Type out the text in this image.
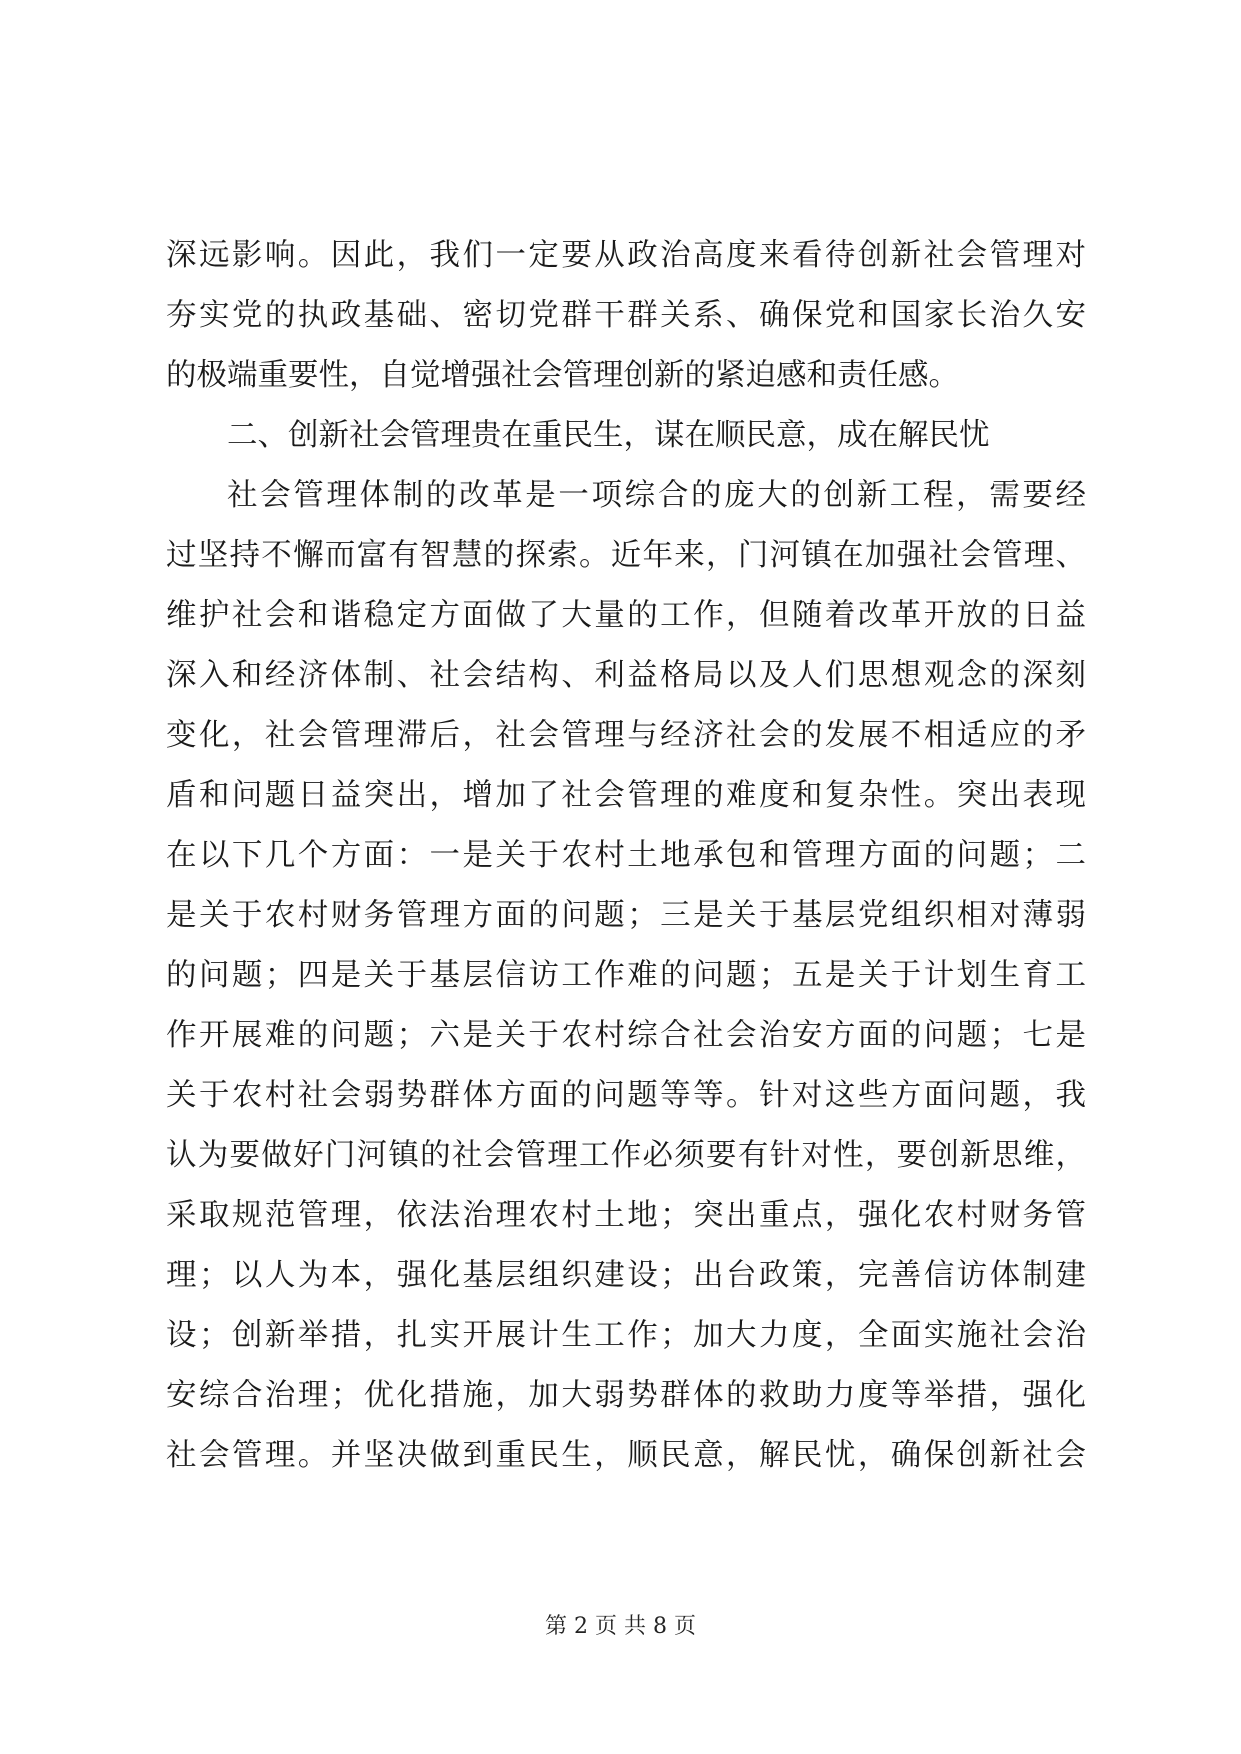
深远影响。因此，我们一定要从政治高度来看待创新社会管理对
夯实党的执政基础、密切党群干群关系、确保党和国家长治久安
的极端重要性，自觉增强社会管理创新的紧迫感和责任感。
二、创新社会管理贵在重民生，谋在顺民意，成在解民忧
社会管理体制的改革是一项综合的庞大的创新工程，需要经
过坚持不懈而富有智慧的探索。近年来，门河镇在加强社会管理、
维护社会和谐稳定方面做了大量的工作，但随着改革开放的日益
深入和经济体制、社会结构、利益格局以及人们思想观念的深刻
变化，社会管理滞后，社会管理与经济社会的发展不相适应的矛
盾和问题日益突出，增加了社会管理的难度和复杂性。突出表现
在以下几个方面：一是关于农村土地承包和管理方面的问题；二
是关于农村财务管理方面的问题；三是关于基层党组织相对薄弱
的问题；四是关于基层信访工作难的问题；五是关于计划生育工
作开展难的问题；六是关于农村综合社会治安方面的问题；七是
关于农村社会弱势群体方面的问题等等。针对这些方面问题，我
认为要做好门河镇的社会管理工作必须要有针对性，要创新思维，
采取规范管理，依法治理农村土地；突出重点，强化农村财务管
理；以人为本，强化基层组织建设；出台政策，完善信访体制建
设；创新举措，扎实开展计生工作；加大力度，全面实施社会治
安综合治理；优化措施，加大弱势群体的救助力度等举措，强化
社会管理。并坚决做到重民生，顺民意，解民忧，确保创新社会
第 2 页 共 8 页
